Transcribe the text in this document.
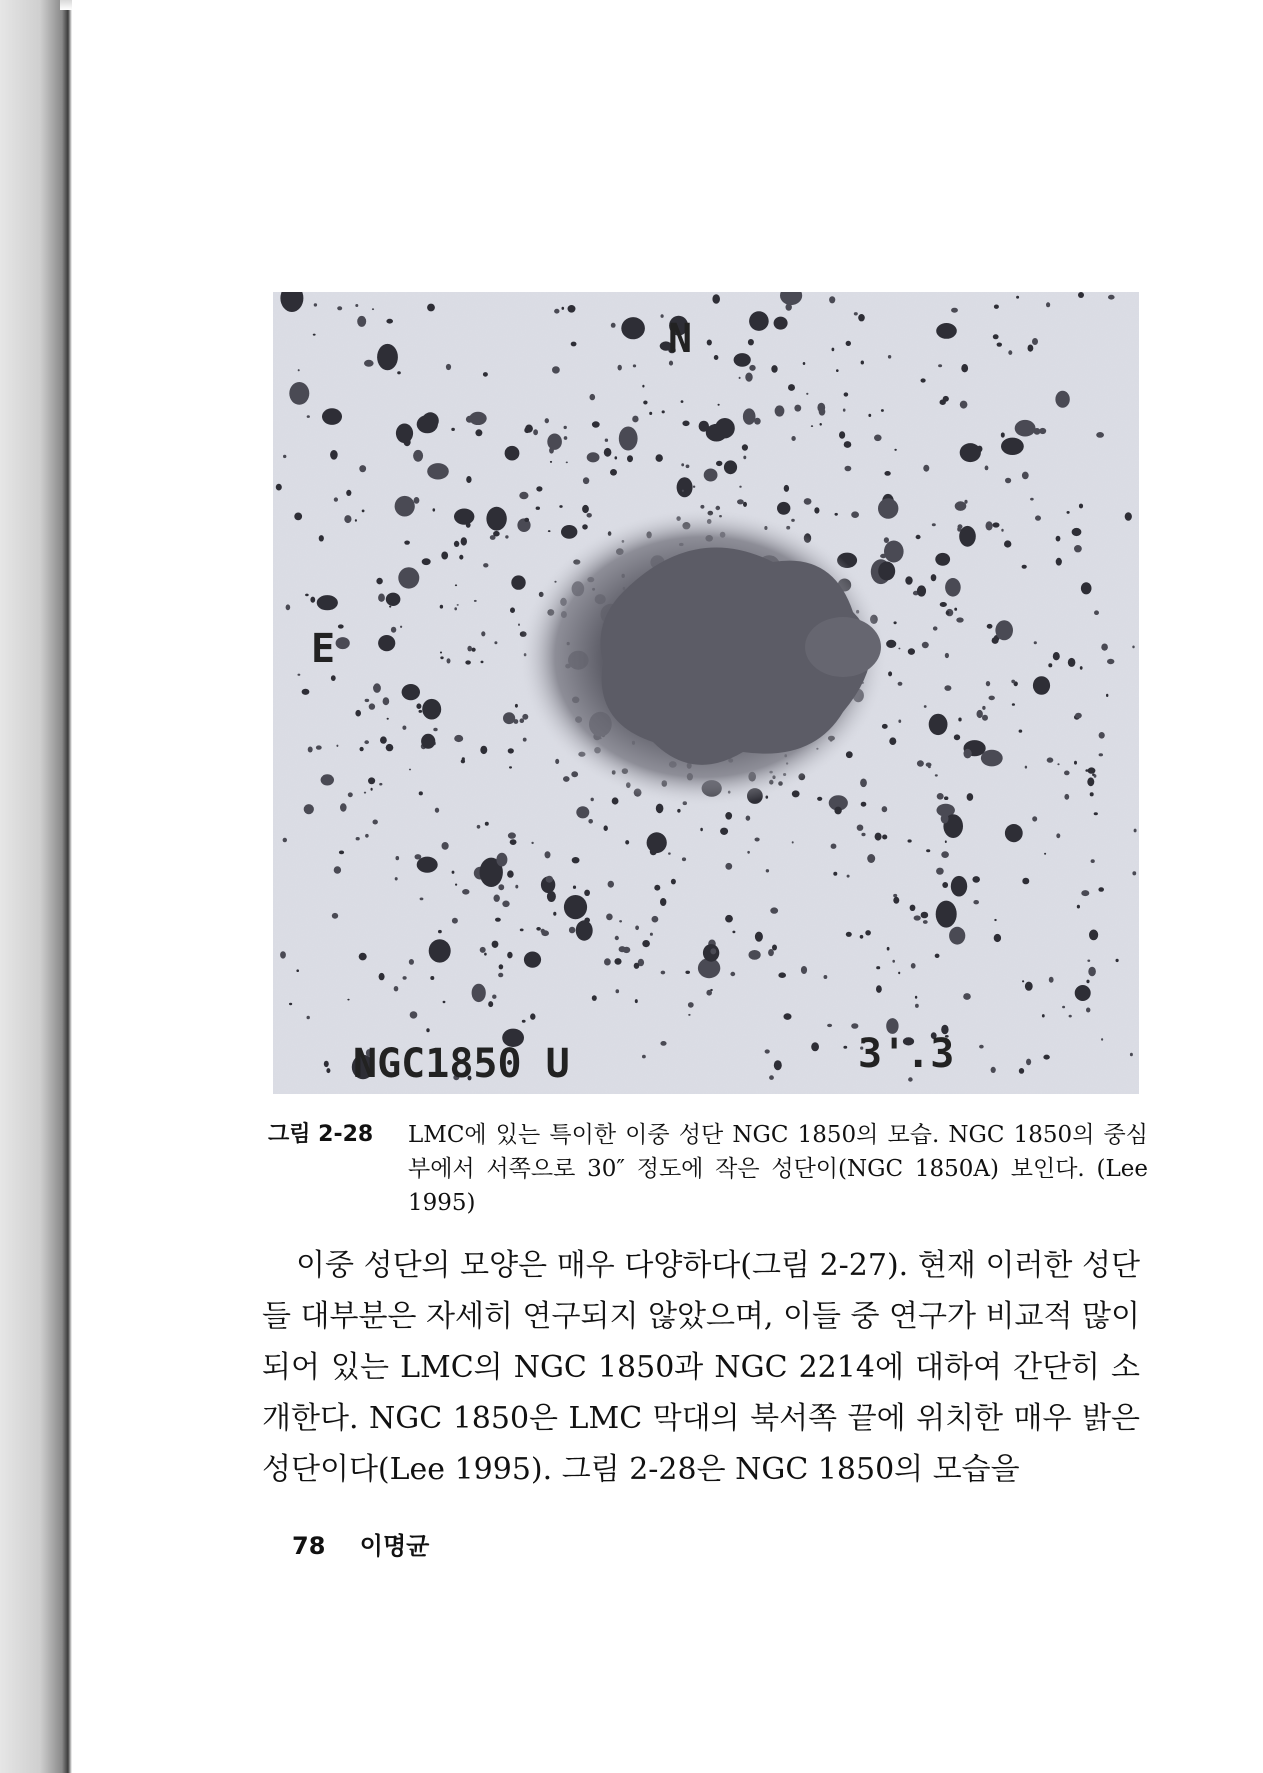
N
E
NGC1850 U	3'.3
그림 2-28 LMC에 있는 특이한 이중 성단 NGC 1850의 모습. NGC 1850의 중심부에서 서쪽으로 30″ 정도에 작은 성단이(NGC 1850A) 보인다. (Lee 1995)

이중 성단의 모양은 매우 다양하다(그림 2-27). 현재 이러한 성단들 대부분은 자세히 연구되지 않았으며, 이들 중 연구가 비교적 많이 되어 있는 LMC의 NGC 1850과 NGC 2214에 대하여 간단히 소개한다. NGC 1850은 LMC 막대의 북서쪽 끝에 위치한 매우 밝은 성단이다(Lee 1995). 그림 2-28은 NGC 1850의 모습을

78 이명균
